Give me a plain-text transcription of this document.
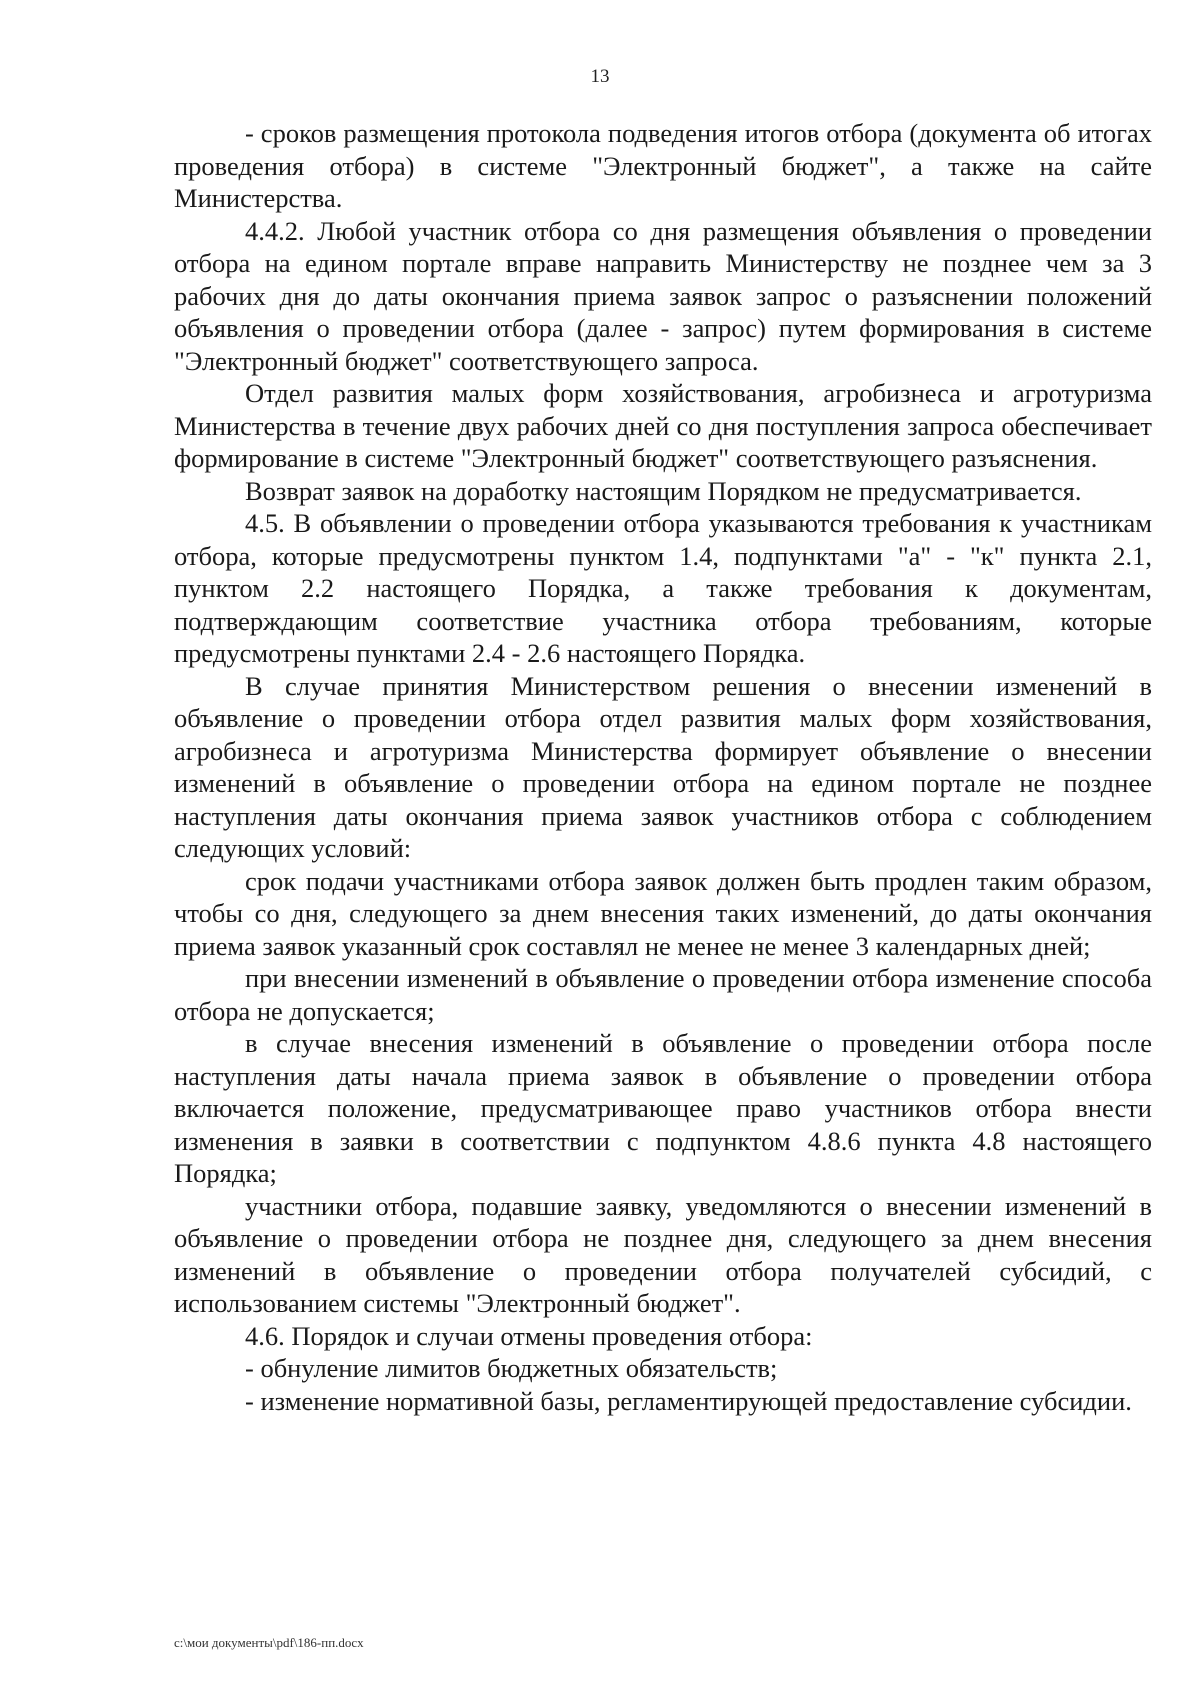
13

- сроков размещения протокола подведения итогов отбора (документа об итогах проведения отбора) в системе "Электронный бюджет", а также на сайте Министерства.

4.4.2. Любой участник отбора со дня размещения объявления о проведении отбора на едином портале вправе направить Министерству не позднее чем за 3 рабочих дня до даты окончания приема заявок запрос о разъяснении положений объявления о проведении отбора (далее - запрос) путем формирования в системе "Электронный бюджет" соответствующего запроса.

Отдел развития малых форм хозяйствования, агробизнеса и агротуризма Министерства в течение двух рабочих дней со дня поступления запроса обеспечивает формирование в системе "Электронный бюджет" соответствующего разъяснения.

Возврат заявок на доработку настоящим Порядком не предусматривается.

4.5. В объявлении о проведении отбора указываются требования к участникам отбора, которые предусмотрены пунктом 1.4, подпунктами "а" - "к" пункта 2.1, пунктом 2.2 настоящего Порядка, а также требования к документам, подтверждающим соответствие участника отбора требованиям, которые предусмотрены пунктами 2.4 - 2.6 настоящего Порядка.

В случае принятия Министерством решения о внесении изменений в объявление о проведении отбора отдел развития малых форм хозяйствования, агробизнеса и агротуризма Министерства формирует объявление о внесении изменений в объявление о проведении отбора на едином портале не позднее наступления даты окончания приема заявок участников отбора с соблюдением следующих условий:

срок подачи участниками отбора заявок должен быть продлен таким образом, чтобы со дня, следующего за днем внесения таких изменений, до даты окончания приема заявок указанный срок составлял не менее не менее 3 календарных дней;

при внесении изменений в объявление о проведении отбора изменение способа отбора не допускается;

в случае внесения изменений в объявление о проведении отбора после наступления даты начала приема заявок в объявление о проведении отбора включается положение, предусматривающее право участников отбора внести изменения в заявки в соответствии с подпунктом 4.8.6 пункта 4.8 настоящего Порядка;

участники отбора, подавшие заявку, уведомляются о внесении изменений в объявление о проведении отбора не позднее дня, следующего за днем внесения изменений в объявление о проведении отбора получателей субсидий, с использованием системы "Электронный бюджет".

4.6. Порядок и случаи отмены проведения отбора:

- обнуление лимитов бюджетных обязательств;

- изменение нормативной базы, регламентирующей предоставление субсидии.

c:\мои документы\pdf\186-пп.docx
